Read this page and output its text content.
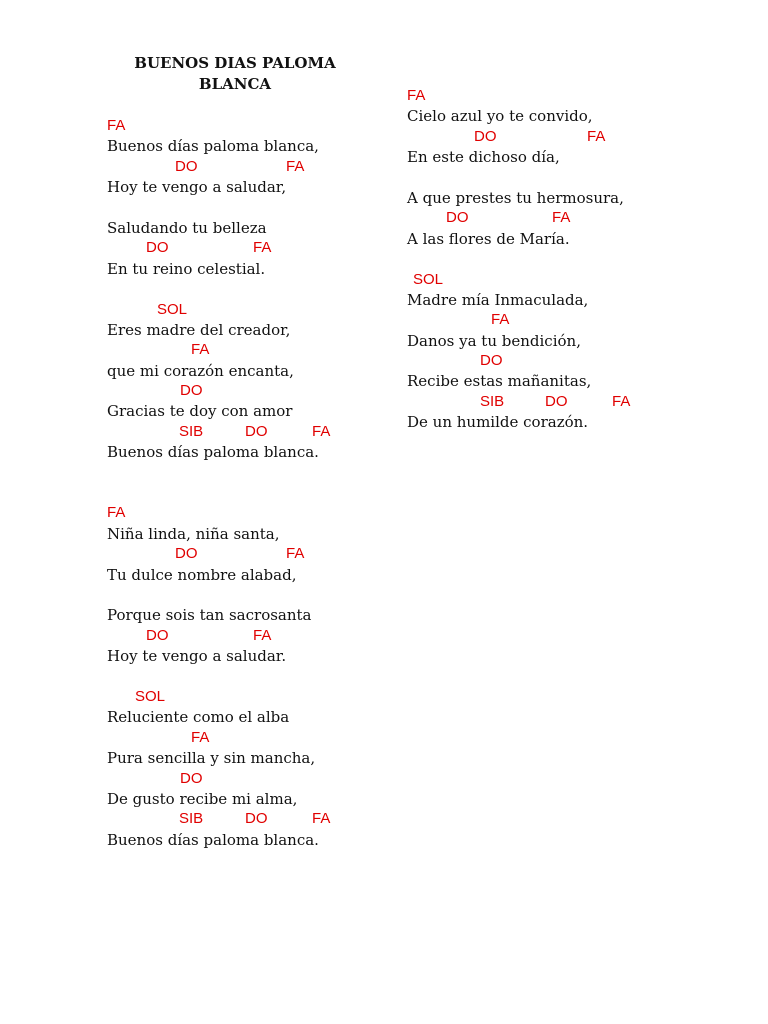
BUENOS DIAS PALOMA
BLANCA
FA
Buenos días paloma blanca,
DO	FA
Hoy te vengo a saludar,
Saludando tu belleza
DO	FA
En tu reino celestial.
SOL
Eres madre del creador,
FA
que mi corazón encanta,
DO
Gracias te doy con amor
SIB	DO	FA
Buenos días paloma blanca.
FA
Niña linda, niña santa,
DO	FA
Tu dulce nombre alabad,
Porque sois tan sacrosanta
DO	FA
Hoy te vengo a saludar.
SOL
Reluciente como el alba
FA
Pura sencilla y sin mancha,
DO
De gusto recibe mi alma,
SIB	DO	FA
Buenos días paloma blanca.
FA
Cielo azul yo te convido,
DO	FA
En este dichoso día,
A que prestes tu hermosura,
DO	FA
A las flores de María.
SOL
Madre mía Inmaculada,
FA
Danos ya tu bendición,
DO
Recibe estas mañanitas,
SIB	DO	FA
De un humilde corazón.
